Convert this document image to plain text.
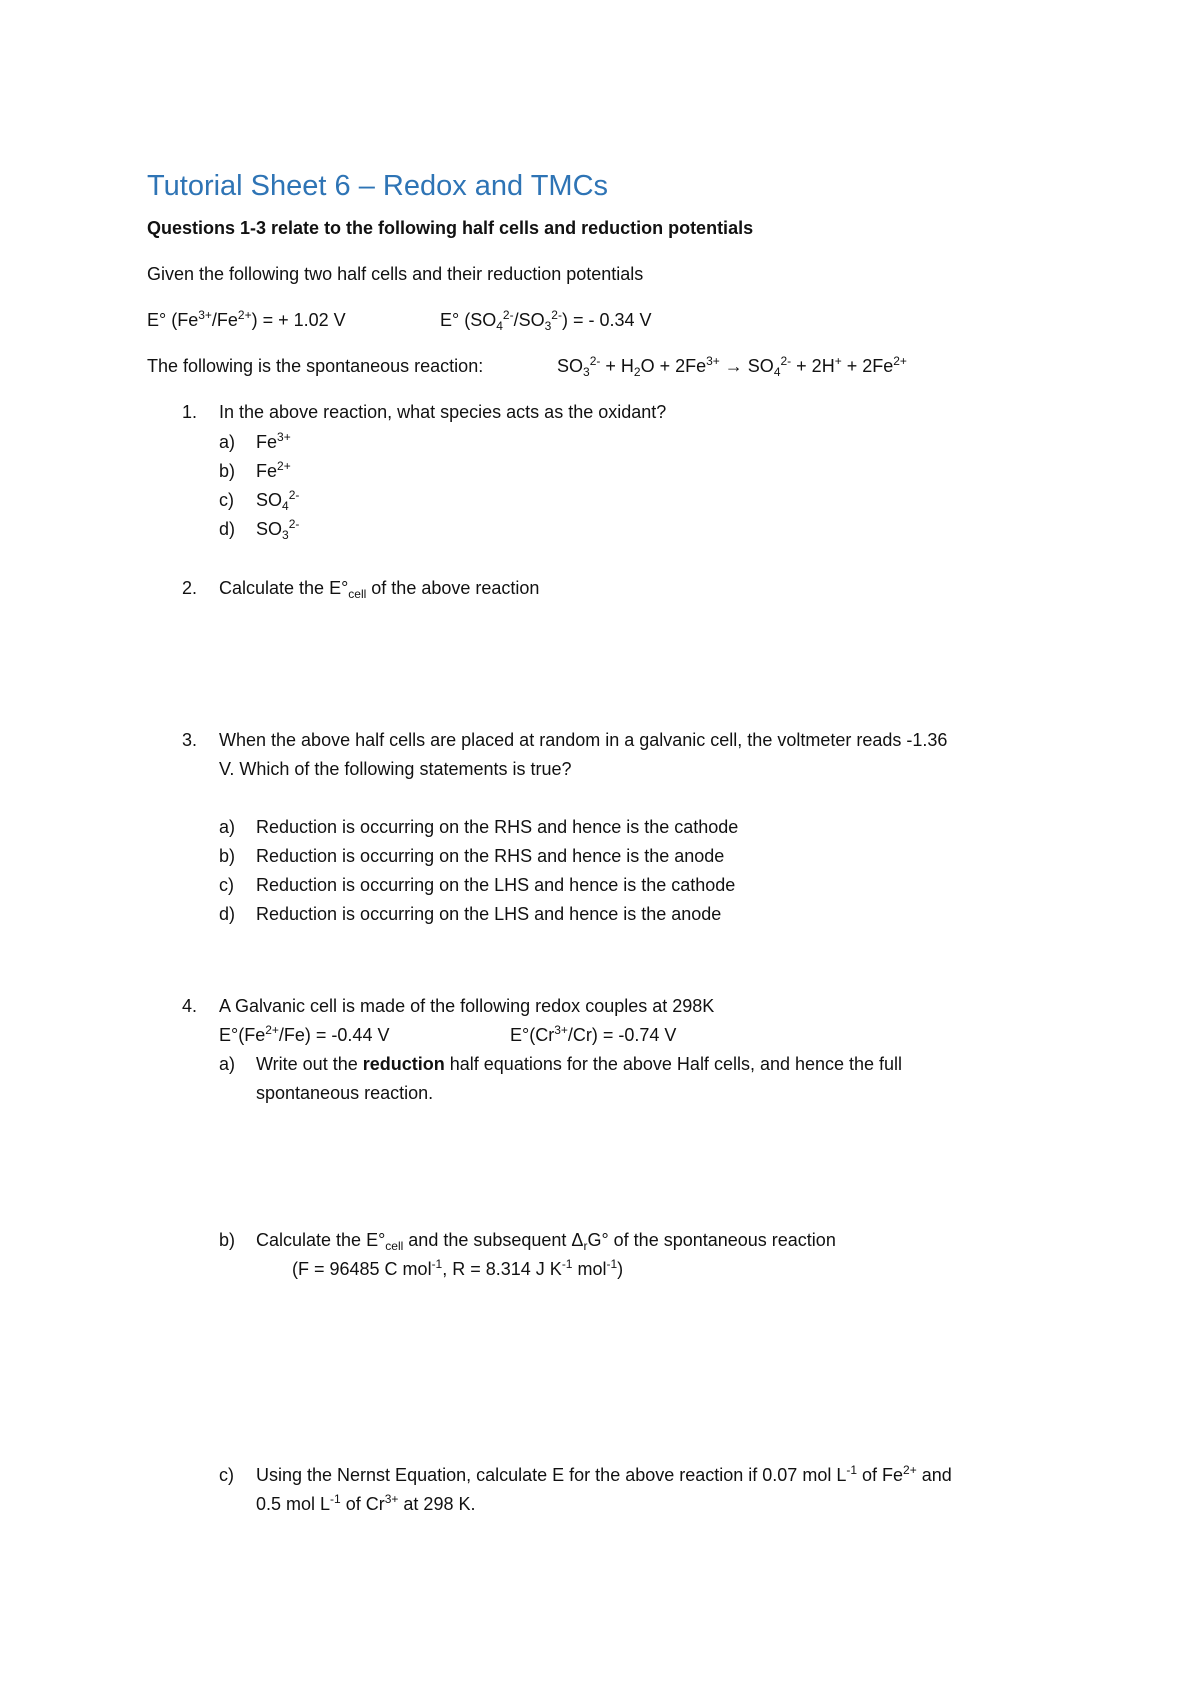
Tutorial Sheet 6 – Redox and TMCs
Questions 1-3 relate to the following half cells and reduction potentials
Given the following two half cells and their reduction potentials
E° $(Fe^{3+}/Fe^{2+})$ = + 1.02 V	E° $(SO_4^{2-}/SO_3^{2-})$ = - 0.34 V
The following is the spontaneous reaction:	$SO_3^{2-} + H_2O + 2Fe^{3+} \to SO_4^{2-} + 2H^+ + 2Fe^{2+}$
1. In the above reaction, what species acts as the oxidant?
a) $Fe^{3+}$
b) $Fe^{2+}$
c) $SO_4^{2-}$
d) $SO_3^{2-}$
2. Calculate the $E^\circ_{cell}$ of the above reaction
3. When the above half cells are placed at random in a galvanic cell, the voltmeter reads -1.36
V. Which of the following statements is true?
a) Reduction is occurring on the RHS and hence is the cathode
b) Reduction is occurring on the RHS and hence is the anode
c) Reduction is occurring on the LHS and hence is the cathode
d) Reduction is occurring on the LHS and hence is the anode
4. A Galvanic cell is made of the following redox couples at 298K
$E^\circ(Fe^{2+}/Fe) = -0.44$ V	$E^\circ(Cr^{3+}/Cr) = -0.74$ V
a) Write out the reduction half equations for the above Half cells, and hence the full
spontaneous reaction.
b) Calculate the $E^\circ_{cell}$ and the subsequent $\Delta_rG^\circ$ of the spontaneous reaction
(F = 96485 C mol$^{-1}$, R = 8.314 J $K^{-1}$ mol$^{-1}$)
c) Using the Nernst Equation, calculate E for the above reaction if 0.07 mol $L^{-1}$ of $Fe^{2+}$ and
0.5 mol $L^{-1}$ of $Cr^{3+}$ at 298 K.
